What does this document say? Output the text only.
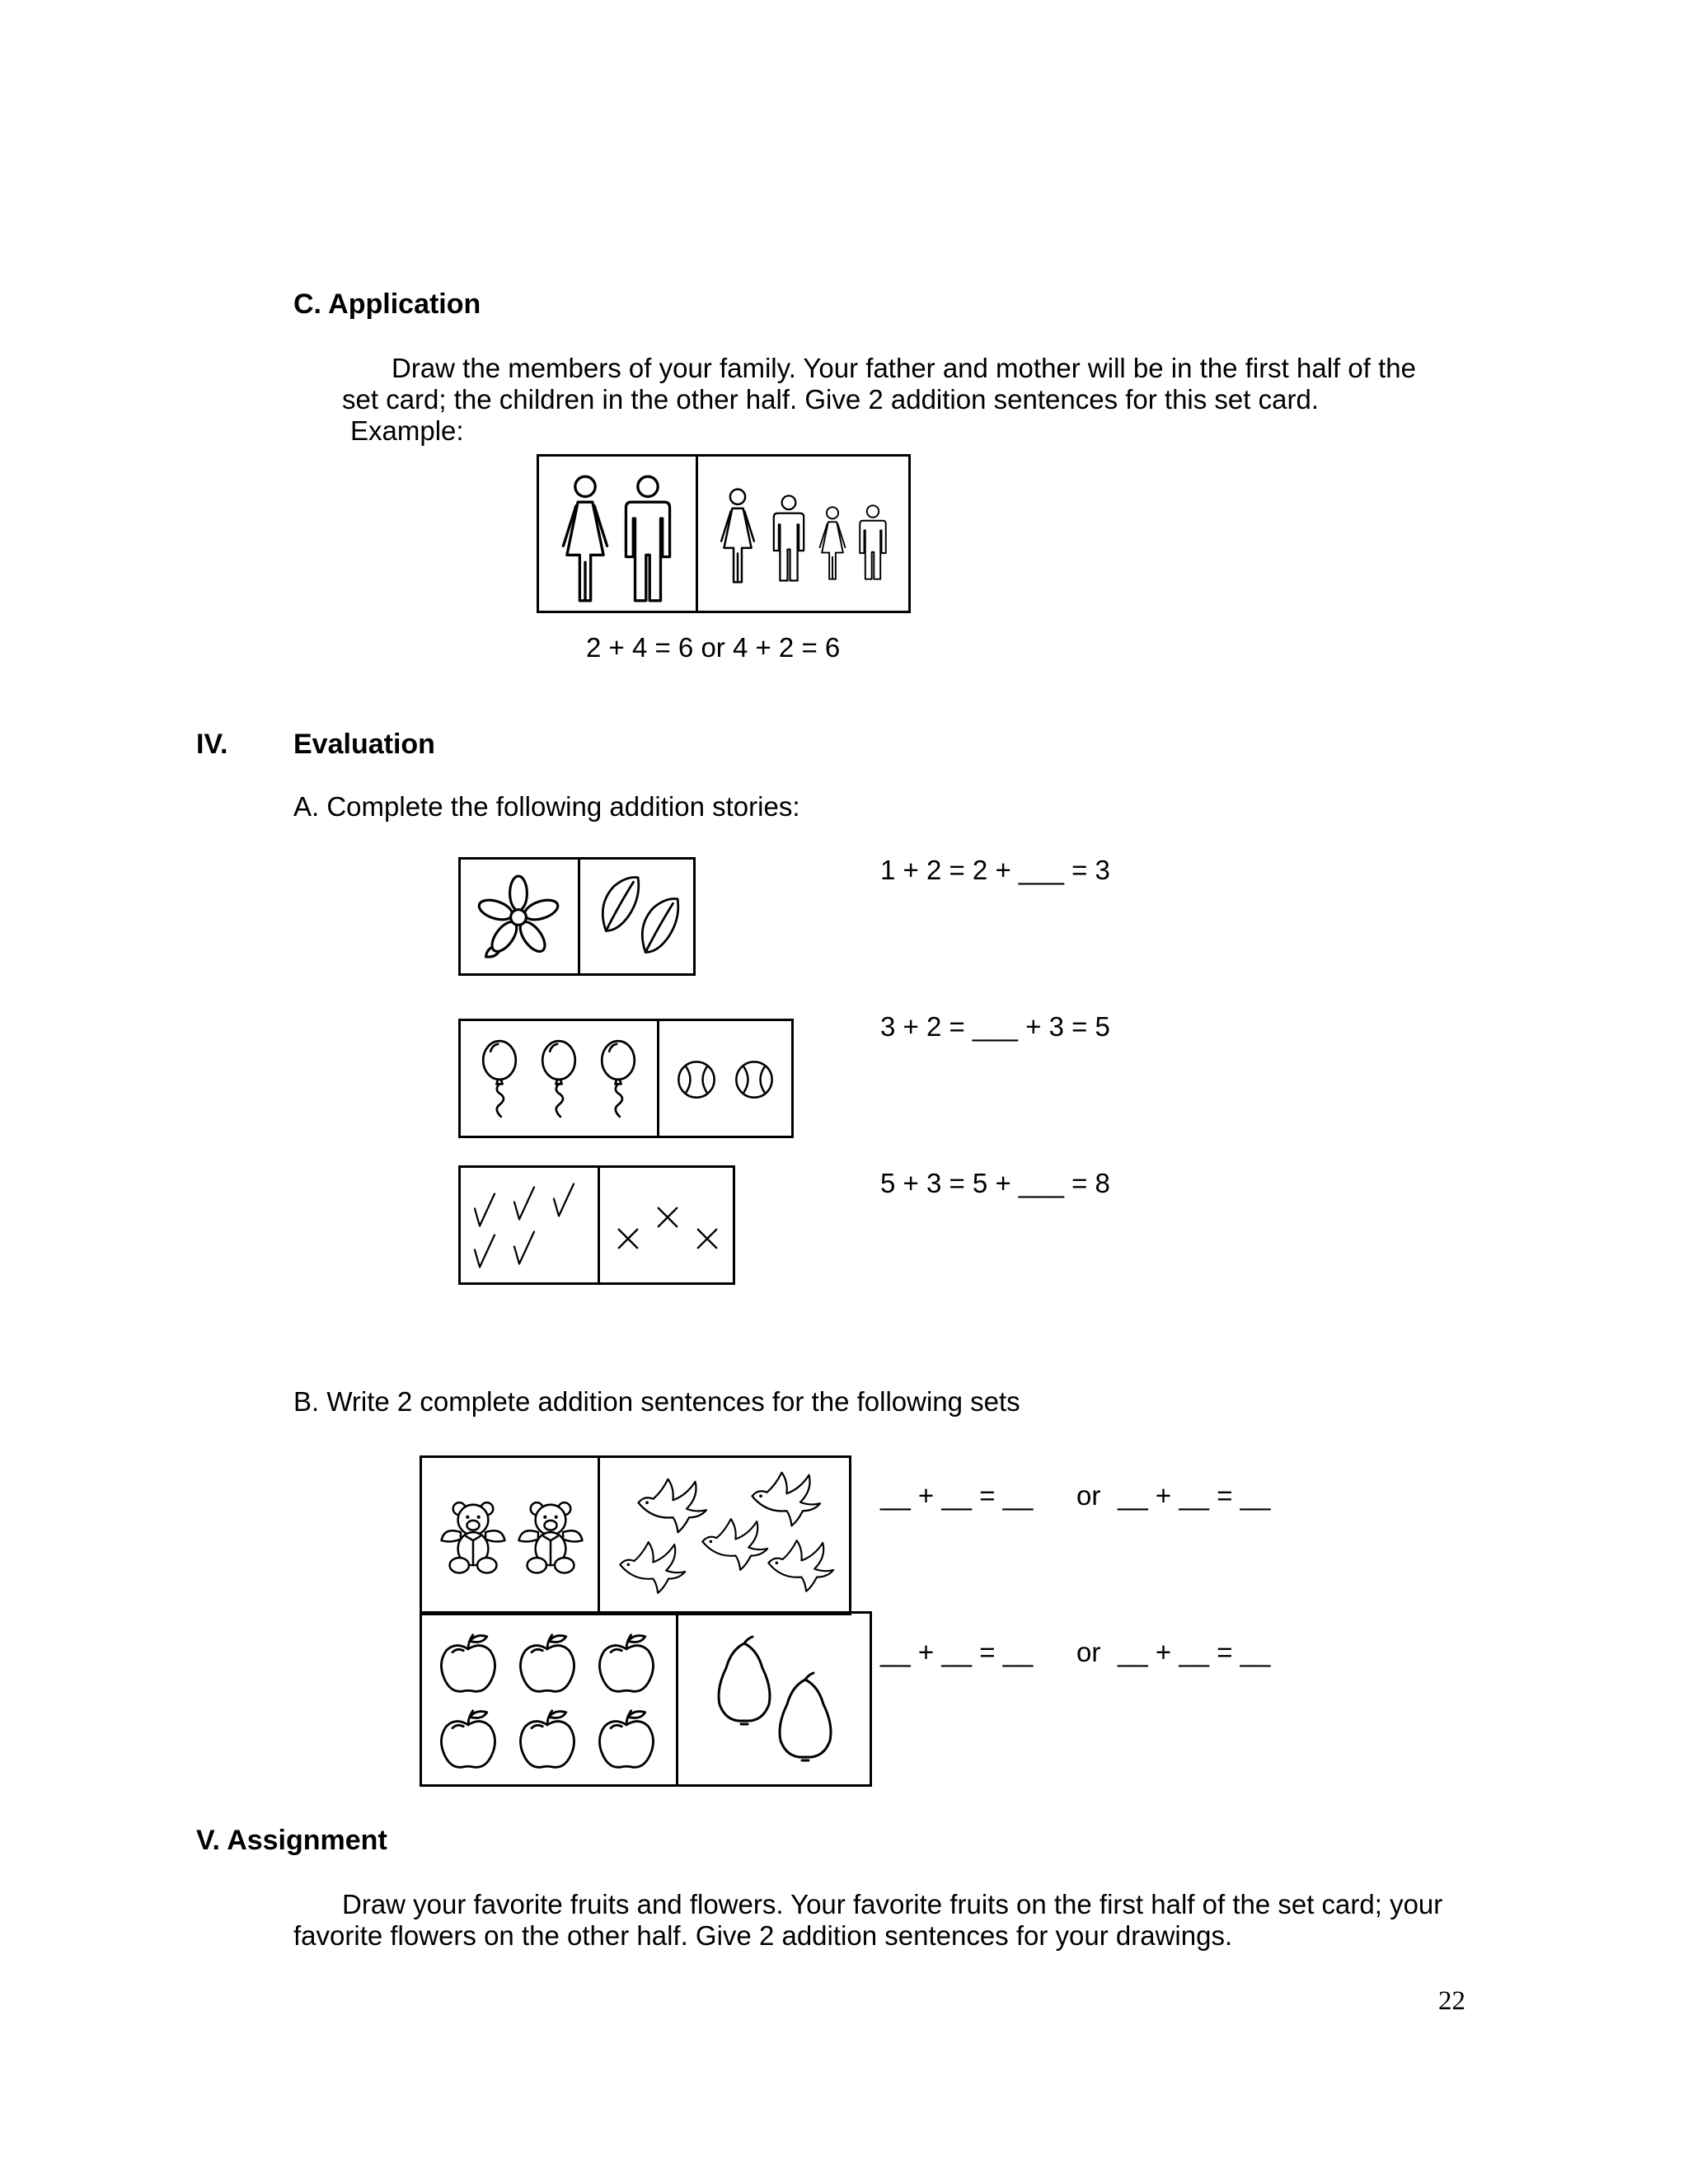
C. Application
Draw the members of your family. Your father and mother will be in the first half of the
set card; the children in the other half. Give 2 addition sentences for this set card.
Example:
2 + 4 = 6 or 4 + 2 = 6
IV. Evaluation
A. Complete the following addition stories:
1 + 2 = 2 + ___ = 3
3 + 2 = ___ + 3 = 5
5 + 3 = 5 + ___ = 8
B. Write 2 complete addition sentences for the following sets
__ + __ = __ or __ + __ = __
__ + __ = __ or __ + __ = __
V. Assignment
Draw your favorite fruits and flowers. Your favorite fruits on the first half of the set card; your
favorite flowers on the other half. Give 2 addition sentences for your drawings.
22
